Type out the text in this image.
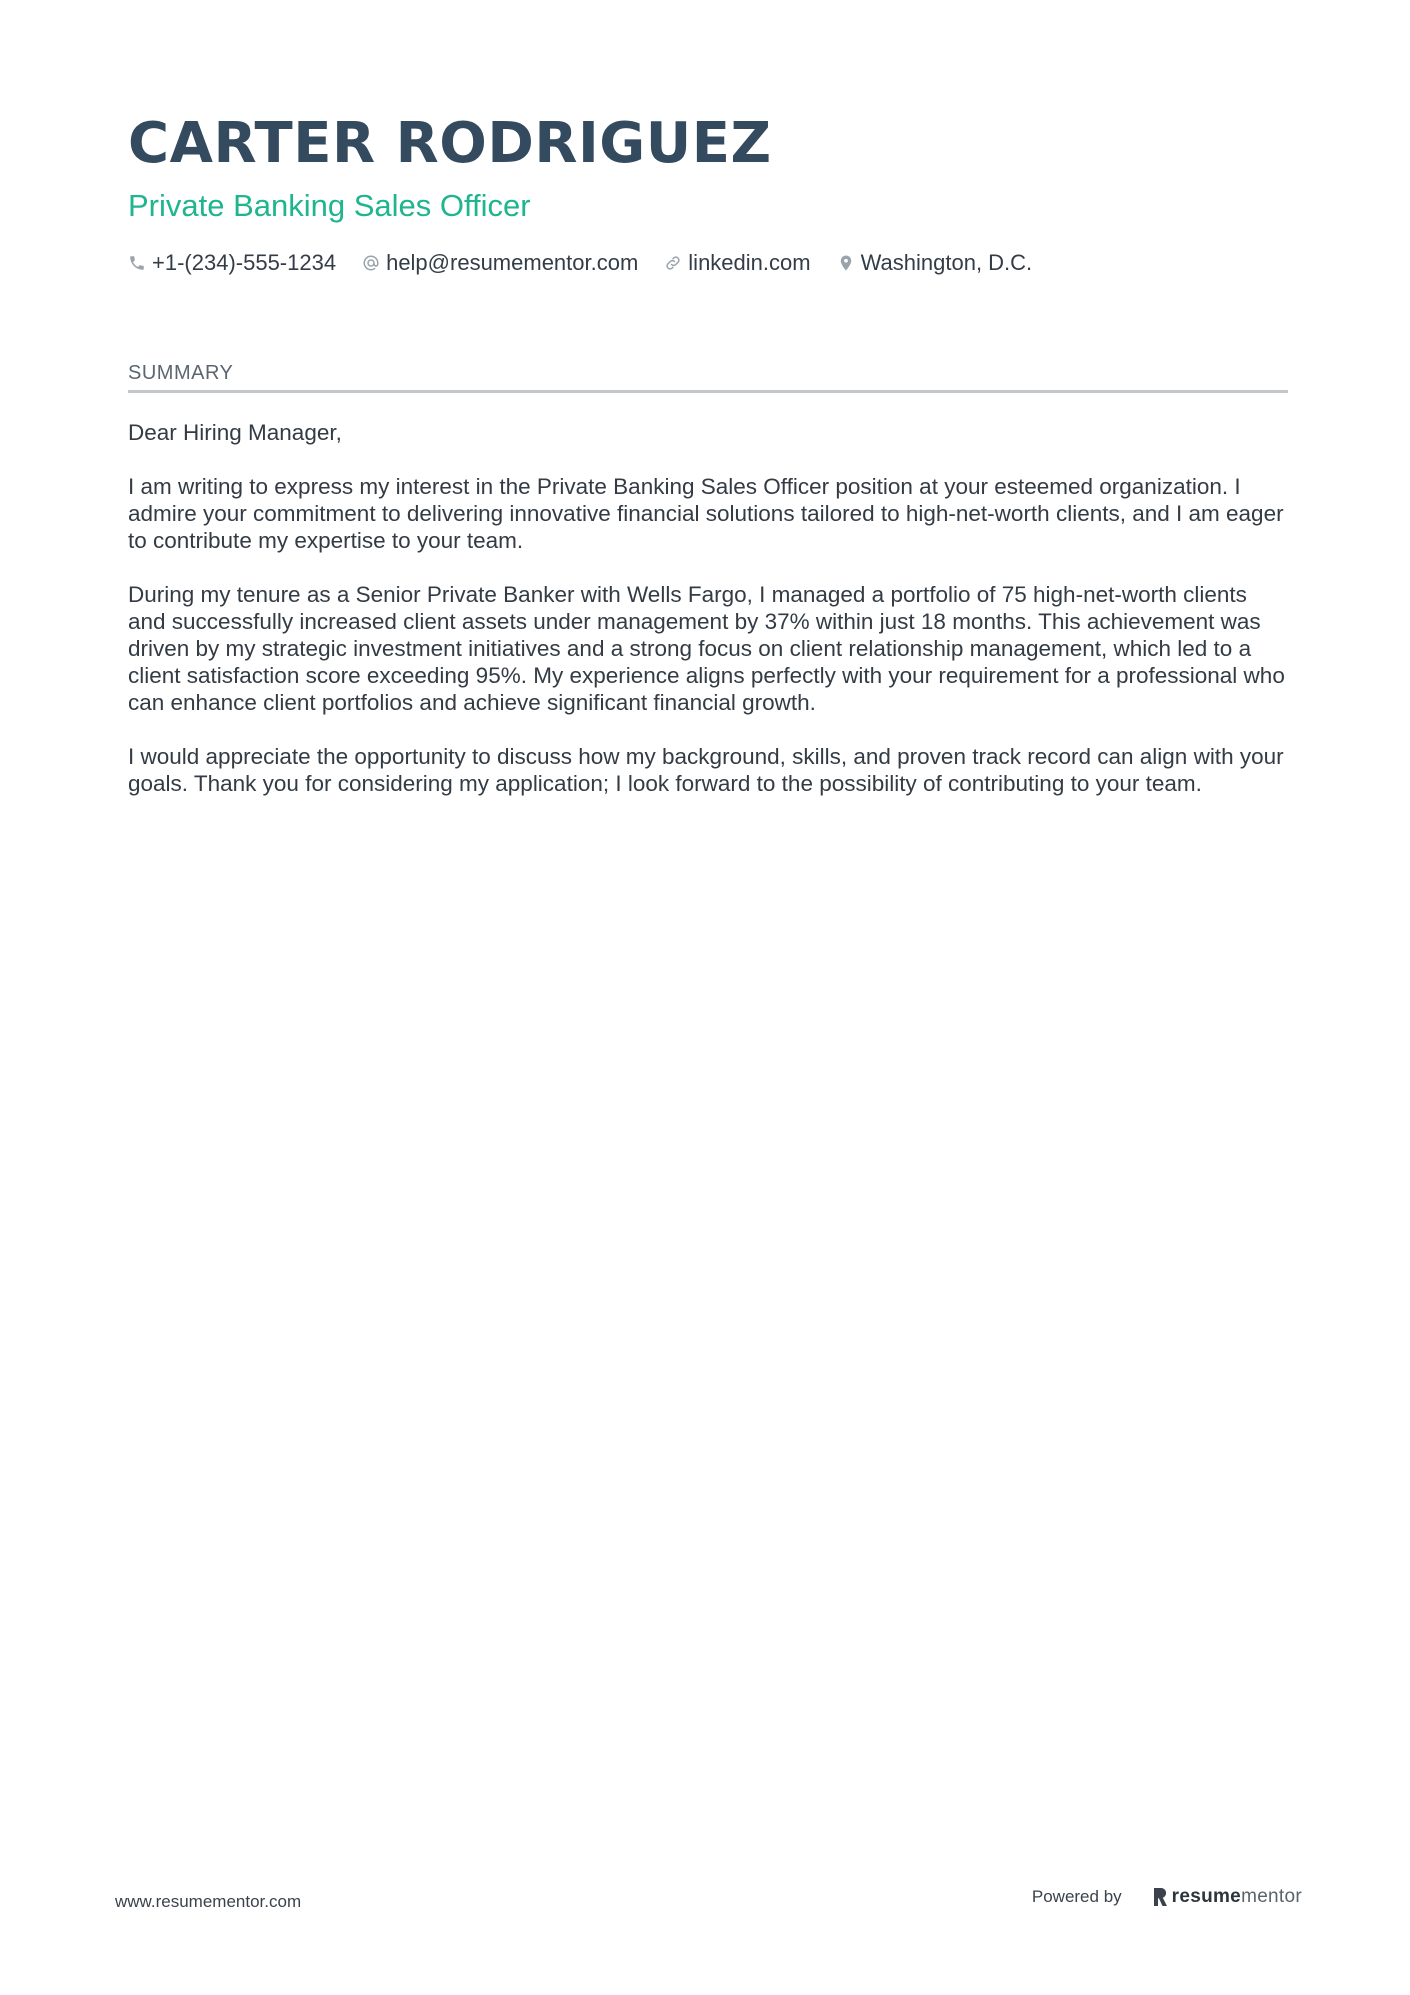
CARTER RODRIGUEZ
Private Banking Sales Officer
+1-(234)-555-1234 help@resumementor.com linkedin.com Washington, D.C.
SUMMARY

Dear Hiring Manager,

I am writing to express my interest in the Private Banking Sales Officer position at your esteemed organization. I admire your commitment to delivering innovative financial solutions tailored to high-net-worth clients, and I am eager to contribute my expertise to your team.

During my tenure as a Senior Private Banker with Wells Fargo, I managed a portfolio of 75 high-net-worth clients and successfully increased client assets under management by 37% within just 18 months. This achievement was driven by my strategic investment initiatives and a strong focus on client relationship management, which led to a client satisfaction score exceeding 95%. My experience aligns perfectly with your requirement for a professional who can enhance client portfolios and achieve significant financial growth.

I would appreciate the opportunity to discuss how my background, skills, and proven track record can align with your goals. Thank you for considering my application; I look forward to the possibility of contributing to your team.

www.resumementor.com	Powered by	resume mentor
